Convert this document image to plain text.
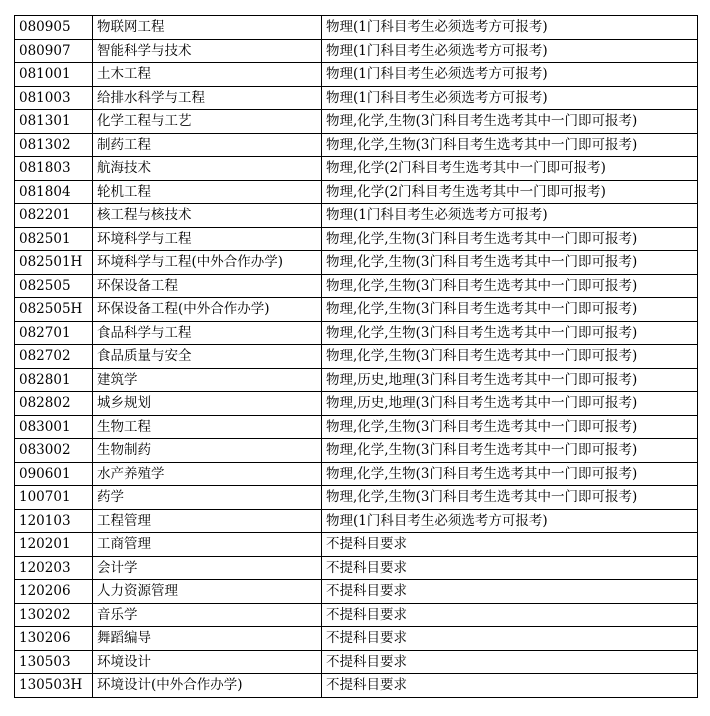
080905	物联网工程	物理(1门科目考生必须选考方可报考)
080907	智能科学与技术	物理(1门科目考生必须选考方可报考)
081001	土木工程	物理(1门科目考生必须选考方可报考)
081003	给排水科学与工程	物理(1门科目考生必须选考方可报考)
081301	化学工程与工艺	物理,化学,生物(3门科目考生选考其中一门即可报考)
081302	制药工程	物理,化学,生物(3门科目考生选考其中一门即可报考)
081803	航海技术	物理,化学(2门科目考生选考其中一门即可报考)
081804	轮机工程	物理,化学(2门科目考生选考其中一门即可报考)
082201	核工程与核技术	物理(1门科目考生必须选考方可报考)
082501	环境科学与工程	物理,化学,生物(3门科目考生选考其中一门即可报考)
082501H	环境科学与工程(中外合作办学)	物理,化学,生物(3门科目考生选考其中一门即可报考)
082505	环保设备工程	物理,化学,生物(3门科目考生选考其中一门即可报考)
082505H	环保设备工程(中外合作办学)	物理,化学,生物(3门科目考生选考其中一门即可报考)
082701	食品科学与工程	物理,化学,生物(3门科目考生选考其中一门即可报考)
082702	食品质量与安全	物理,化学,生物(3门科目考生选考其中一门即可报考)
082801	建筑学	物理,历史,地理(3门科目考生选考其中一门即可报考)
082802	城乡规划	物理,历史,地理(3门科目考生选考其中一门即可报考)
083001	生物工程	物理,化学,生物(3门科目考生选考其中一门即可报考)
083002	生物制药	物理,化学,生物(3门科目考生选考其中一门即可报考)
090601	水产养殖学	物理,化学,生物(3门科目考生选考其中一门即可报考)
100701	药学	物理,化学,生物(3门科目考生选考其中一门即可报考)
120103	工程管理	物理(1门科目考生必须选考方可报考)
120201	工商管理	不提科目要求
120203	会计学	不提科目要求
120206	人力资源管理	不提科目要求
130202	音乐学	不提科目要求
130206	舞蹈编导	不提科目要求
130503	环境设计	不提科目要求
130503H	环境设计(中外合作办学)	不提科目要求
